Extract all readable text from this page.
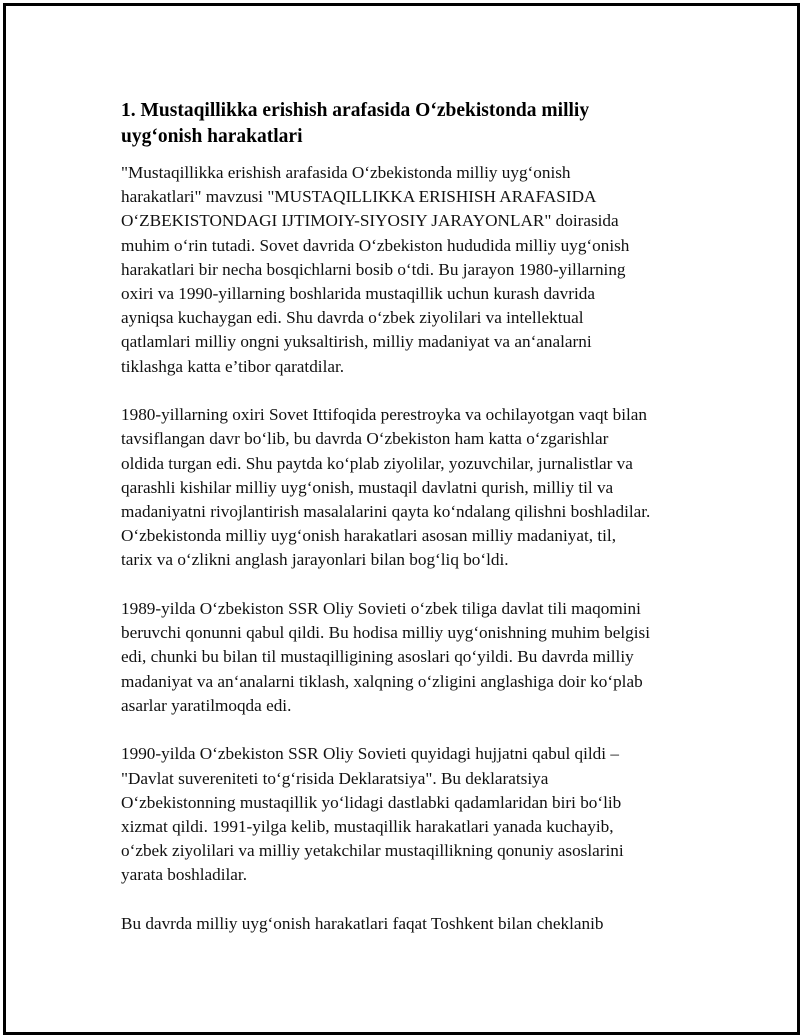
1. Mustaqillikka erishish arafasida O‘zbekistonda milliy
uyg‘onish harakatlari

"Mustaqillikka erishish arafasida O‘zbekistonda milliy uyg‘onish
harakatlari" mavzusi "MUSTAQILLIKKA ERISHISH ARAFASIDA
O‘ZBEKISTONDAGI IJTIMOIY-SIYOSIY JARAYONLAR" doirasida
muhim o‘rin tutadi. Sovet davrida O‘zbekiston hududida milliy uyg‘onish
harakatlari bir necha bosqichlarni bosib o‘tdi. Bu jarayon 1980-yillarning
oxiri va 1990-yillarning boshlarida mustaqillik uchun kurash davrida
ayniqsa kuchaygan edi. Shu davrda o‘zbek ziyolilari va intellektual
qatlamlari milliy ongni yuksaltirish, milliy madaniyat va an‘analarni
tiklashga katta e’tibor qaratdilar.

1980-yillarning oxiri Sovet Ittifoqida perestroyka va ochilayotgan vaqt bilan
tavsiflangan davr bo‘lib, bu davrda O‘zbekiston ham katta o‘zgarishlar
oldida turgan edi. Shu paytda ko‘plab ziyolilar, yozuvchilar, jurnalistlar va
qarashli kishilar milliy uyg‘onish, mustaqil davlatni qurish, milliy til va
madaniyatni rivojlantirish masalalarini qayta ko‘ndalang qilishni boshladilar.
O‘zbekistonda milliy uyg‘onish harakatlari asosan milliy madaniyat, til,
tarix va o‘zlikni anglash jarayonlari bilan bog‘liq bo‘ldi.

1989-yilda O‘zbekiston SSR Oliy Sovieti o‘zbek tiliga davlat tili maqomini
beruvchi qonunni qabul qildi. Bu hodisa milliy uyg‘onishning muhim belgisi
edi, chunki bu bilan til mustaqilligining asoslari qo‘yildi. Bu davrda milliy
madaniyat va an‘analarni tiklash, xalqning o‘zligini anglashiga doir ko‘plab
asarlar yaratilmoqda edi.

1990-yilda O‘zbekiston SSR Oliy Sovieti quyidagi hujjatni qabul qildi –
"Davlat suvereniteti to‘g‘risida Deklaratsiya". Bu deklaratsiya
O‘zbekistonning mustaqillik yo‘lidagi dastlabki qadamlaridan biri bo‘lib
xizmat qildi. 1991-yilga kelib, mustaqillik harakatlari yanada kuchayib,
o‘zbek ziyolilari va milliy yetakchilar mustaqillikning qonuniy asoslarini
yarata boshladilar.

Bu davrda milliy uyg‘onish harakatlari faqat Toshkent bilan cheklanib
